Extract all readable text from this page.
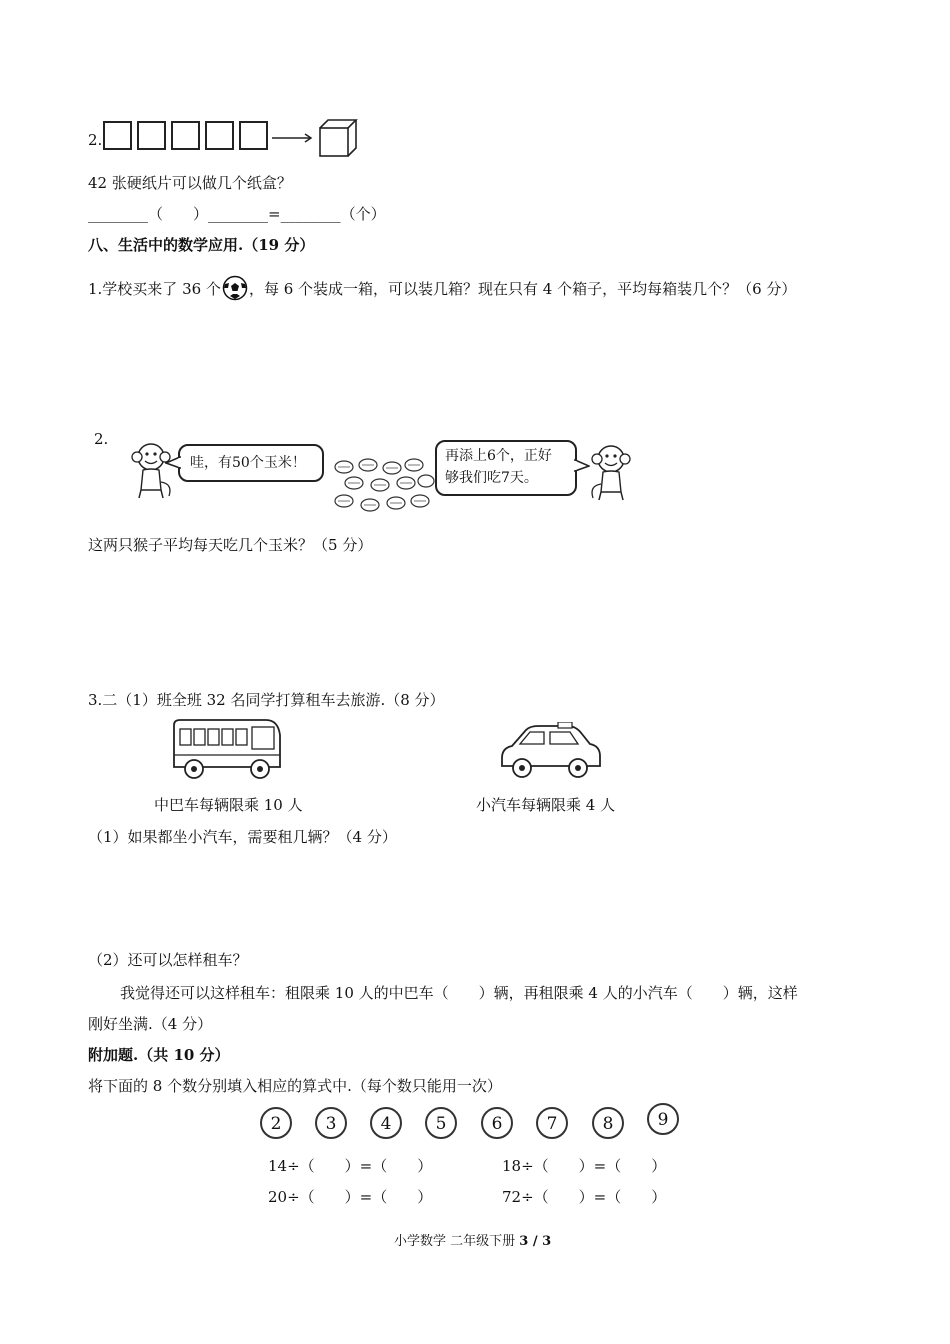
2.
42 张硬纸片可以做几个纸盒？
________（　　）________=________（个）
八、生活中的数学应用.（19 分）
1.学校买来了 36 个 ，每 6 个装成一箱，可以装几箱？现在只有 4 个箱子，平均每箱装几个？（6 分）
2.
哇，有50个玉米！	再添上6个，正好
够我们吃7天。
这两只猴子平均每天吃几个玉米？（5 分）
3.二（1）班全班 32 名同学打算租车去旅游.（8 分）
中巴车每辆限乘 10 人	小汽车每辆限乘 4 人
（1）如果都坐小汽车，需要租几辆？（4 分）
（2）还可以怎样租车？
我觉得还可以这样租车：租限乘 10 人的中巴车（　　）辆，再租限乘 4 人的小汽车（　　）辆，这样
刚好坐满.（4 分）
附加题.（共 10 分）
将下面的 8 个数分别填入相应的算式中.（每个数只能用一次）
2	3	4	5	6	7	8	9
14÷（　　）=（　　）	18÷（　　）=（　　）
20÷（　　）=（　　）	72÷（　　）=（　　）
小学数学 二年级下册 3 / 3
